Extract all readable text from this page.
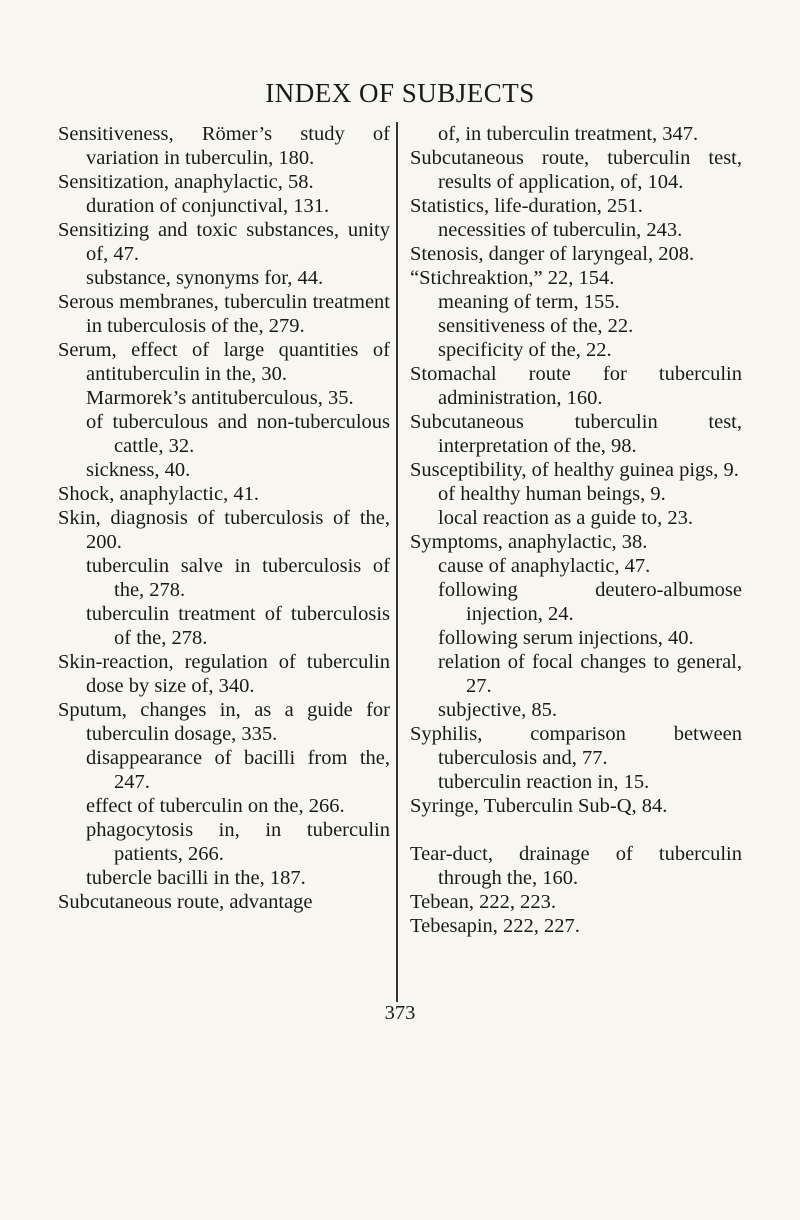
INDEX OF SUBJECTS
Sensitiveness, Römer’s study of variation in tuberculin, 180.
Sensitization, anaphylactic, 58.
duration of conjunctival, 131.
Sensitizing and toxic substances, unity of, 47.
substance, synonyms for, 44.
Serous membranes, tuberculin treatment in tuberculosis of the, 279.
Serum, effect of large quantities of antituberculin in the, 30.
Marmorek’s antituberculous, 35.
of tuberculous and non-tuberculous cattle, 32.
sickness, 40.
Shock, anaphylactic, 41.
Skin, diagnosis of tuberculosis of the, 200.
tuberculin salve in tuberculosis of the, 278.
tuberculin treatment of tuberculosis of the, 278.
Skin-reaction, regulation of tuberculin dose by size of, 340.
Sputum, changes in, as a guide for tuberculin dosage, 335.
disappearance of bacilli from the, 247.
effect of tuberculin on the, 266.
phagocytosis in, in tuberculin patients, 266.
tubercle bacilli in the, 187.
Subcutaneous route, advantage
of, in tuberculin treatment, 347.
Subcutaneous route, tuberculin test, results of application, of, 104.
Statistics, life-duration, 251.
necessities of tuberculin, 243.
Stenosis, danger of laryngeal, 208.
“Stichreaktion,” 22, 154.
meaning of term, 155.
sensitiveness of the, 22.
specificity of the, 22.
Stomachal route for tuberculin administration, 160.
Subcutaneous tuberculin test, interpretation of the, 98.
Susceptibility, of healthy guinea pigs, 9.
of healthy human beings, 9.
local reaction as a guide to, 23.
Symptoms, anaphylactic, 38.
cause of anaphylactic, 47.
following deutero-albumose injection, 24.
following serum injections, 40.
relation of focal changes to general, 27.
subjective, 85.
Syphilis, comparison between tuberculosis and, 77.
tuberculin reaction in, 15.
Syringe, Tuberculin Sub-Q, 84.
Tear-duct, drainage of tuberculin through the, 160.
Tebean, 222, 223.
Tebesapin, 222, 227.
373
